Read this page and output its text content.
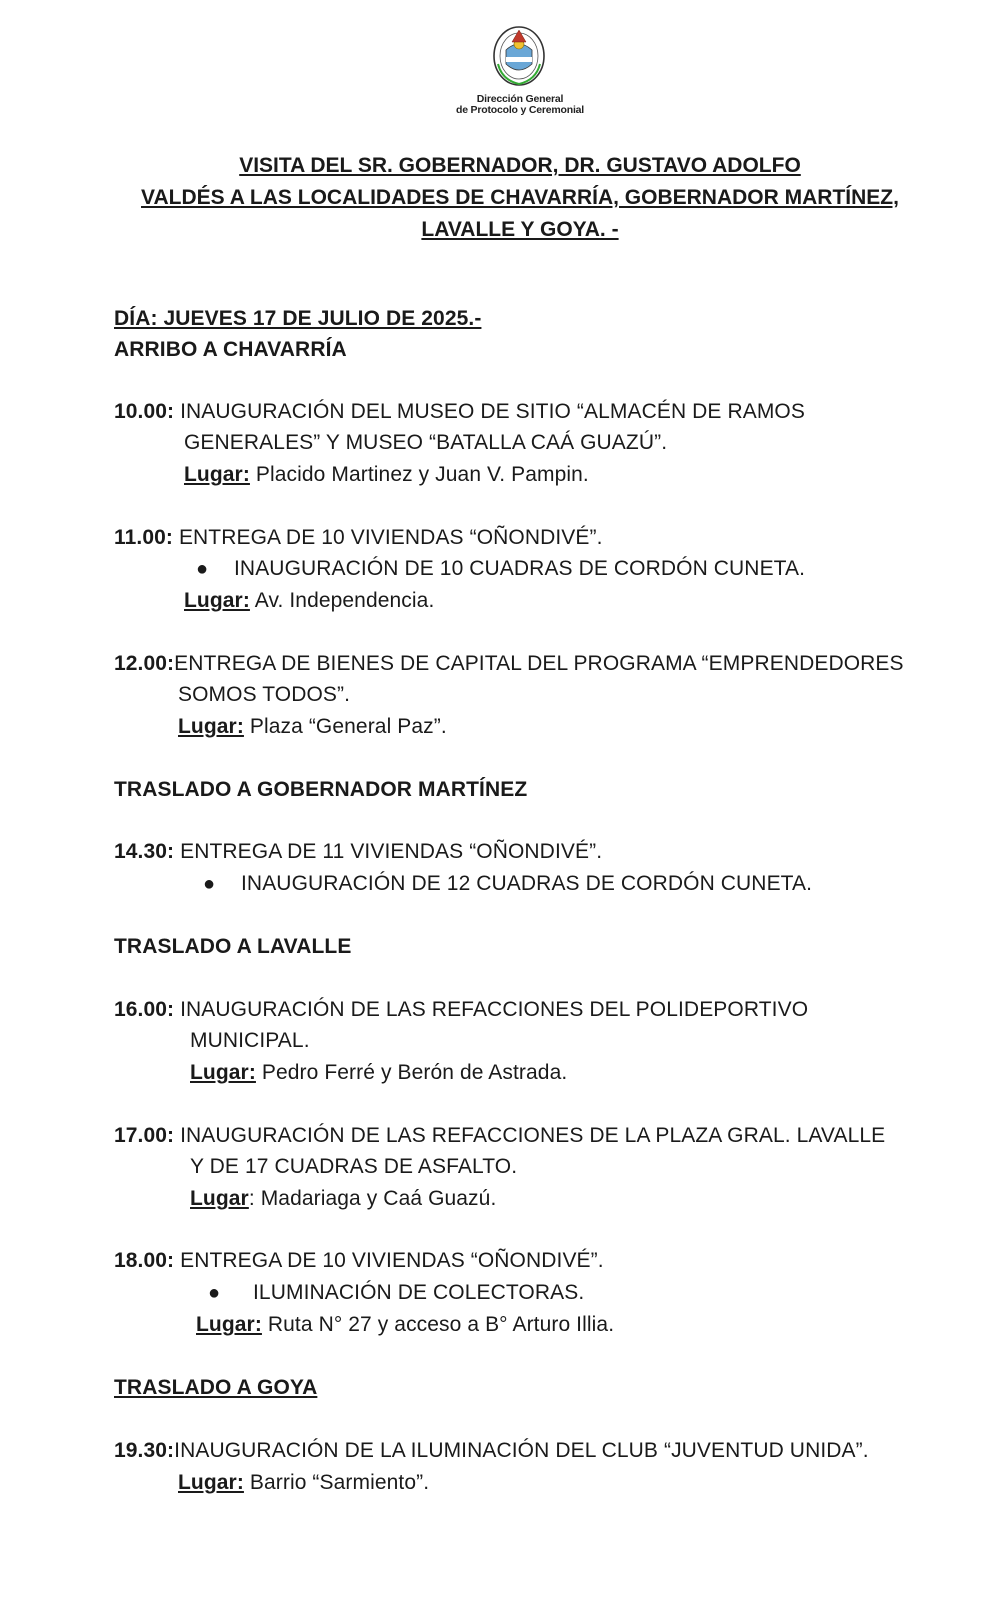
Dirección General
de Protocolo y Ceremonial
VISITA DEL SR. GOBERNADOR, DR. GUSTAVO ADOLFO
VALDÉS A LAS LOCALIDADES DE CHAVARRÍA, GOBERNADOR MARTÍNEZ,
LAVALLE Y GOYA. -
DÍA: JUEVES 17 DE JULIO DE 2025.-
ARRIBO A CHAVARRÍA
10.00: INAUGURACIÓN DEL MUSEO DE SITIO “ALMACÉN DE RAMOS
GENERALES” Y MUSEO “BATALLA CAÁ GUAZÚ”.
Lugar: Placido Martinez y Juan V. Pampin.
11.00: ENTREGA DE 10 VIVIENDAS “OÑONDIVÉ”.
● INAUGURACIÓN DE 10 CUADRAS DE CORDÓN CUNETA.
Lugar: Av. Independencia.
12.00:ENTREGA DE BIENES DE CAPITAL DEL PROGRAMA “EMPRENDEDORES
SOMOS TODOS”.
Lugar: Plaza “General Paz”.
TRASLADO A GOBERNADOR MARTÍNEZ
14.30: ENTREGA DE 11 VIVIENDAS “OÑONDIVÉ”.
● INAUGURACIÓN DE 12 CUADRAS DE CORDÓN CUNETA.
TRASLADO A LAVALLE
16.00: INAUGURACIÓN DE LAS REFACCIONES DEL POLIDEPORTIVO
MUNICIPAL.
Lugar: Pedro Ferré y Berón de Astrada.
17.00: INAUGURACIÓN DE LAS REFACCIONES DE LA PLAZA GRAL. LAVALLE
Y DE 17 CUADRAS DE ASFALTO.
Lugar: Madariaga y Caá Guazú.
18.00: ENTREGA DE 10 VIVIENDAS “OÑONDIVÉ”.
● ILUMINACIÓN DE COLECTORAS.
Lugar: Ruta N° 27 y acceso a B° Arturo Illia.
TRASLADO A GOYA
19.30:INAUGURACIÓN DE LA ILUMINACIÓN DEL CLUB “JUVENTUD UNIDA”.
Lugar: Barrio “Sarmiento”.
